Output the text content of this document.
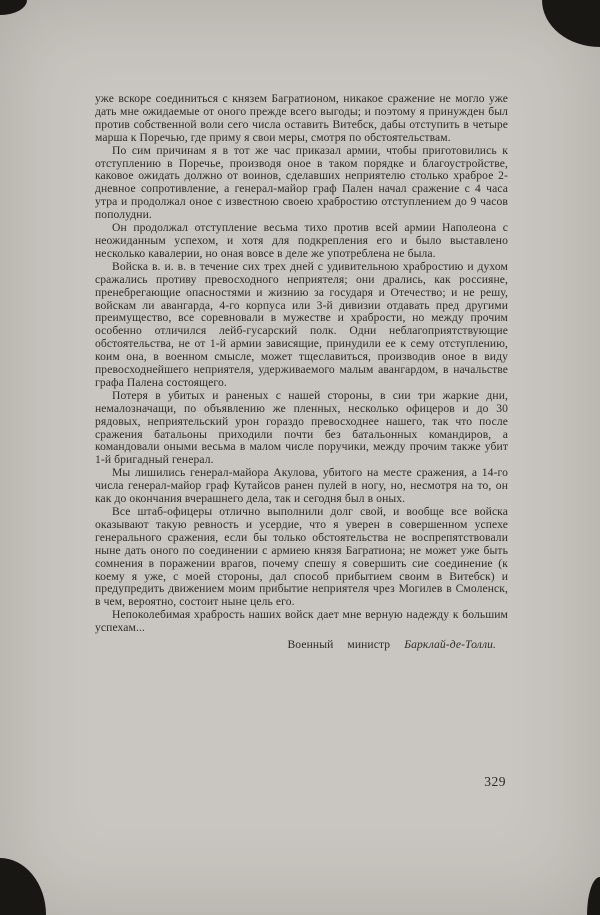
уже вскоре соединиться с князем Багратионом, никакое сражение не могло уже дать мне ожидаемые от оного прежде всего выгоды; и поэтому я принужден был против собственной воли сего числа оставить Витебск, дабы отступить в четыре марша к Поречью, где приму я свои меры, смотря по обстоятельствам.

По сим причинам я в тот же час приказал армии, чтобы приготовились к отступлению в Поречье, производя оное в таком порядке и благоустройстве, каковое ожидать должно от воинов, сделавших неприятелю столько храброе 2-дневное сопротивление, а генерал-майор граф Пален начал сражение с 4 часа утра и продолжал оное с известною своею храбростию отступлением до 9 часов пополудни.

Он продолжал отступление весьма тихо против всей армии Наполеона с неожиданным успехом, и хотя для подкрепления его и было выставлено несколько кавалерии, но оная вовсе в деле же употреблена не была.

Войска в. и. в. в течение сих трех дней с удивительною храбростию и духом сражались противу превосходного неприятеля; они дрались, как россияне, пренебрегающие опасностями и жизнию за государя и Отечество; и не решу, войскам ли авангарда, 4-го корпуса или 3-й дивизии отдавать пред другими преимущество, все соревновали в мужестве и храбрости, но между прочим особенно отличился лейб-гусарский полк. Одни неблагоприятствующие обстоятельства, не от 1-й армии зависящие, принудили ее к сему отступлению, коим она, в военном смысле, может тщеславиться, производив оное в виду превосходнейшего неприятеля, удерживаемого малым авангардом, в начальстве графа Палена состоящего.

Потеря в убитых и раненых с нашей стороны, в сии три жаркие дни, немалозначащи, по объявлению же пленных, несколько офицеров и до 30 рядовых, неприятельский урон гораздо превосходнее нашего, так что после сражения батальоны приходили почти без батальонных командиров, а командовали оными весьма в малом числе поручики, между прочим также убит 1-й бригадный генерал.

Мы лишились генерал-майора Акулова, убитого на месте сражения, а 14-го числа генерал-майор граф Кутайсов ранен пулей в ногу, но, несмотря на то, он как до окончания вчерашнего дела, так и сегодня был в оных.

Все штаб-офицеры отлично выполнили долг свой, и вообще все войска оказывают такую ревность и усердие, что я уверен в совершенном успехе генерального сражения, если бы только обстоятельства не воспрепятствовали ныне дать оного по соединении с армиею князя Багратиона; не может уже быть сомнения в поражении врагов, почему спешу я совершить сие соединение (к коему я уже, с моей стороны, дал способ прибытием своим в Витебск) и предупредить движением моим прибытие неприятеля чрез Могилев в Смоленск, в чем, вероятно, состоит ныне цель его.

Непоколебимая храбрость наших войск дает мне верную надежду к большим успехам...

Военный министр Барклай-де-Толли.

329
